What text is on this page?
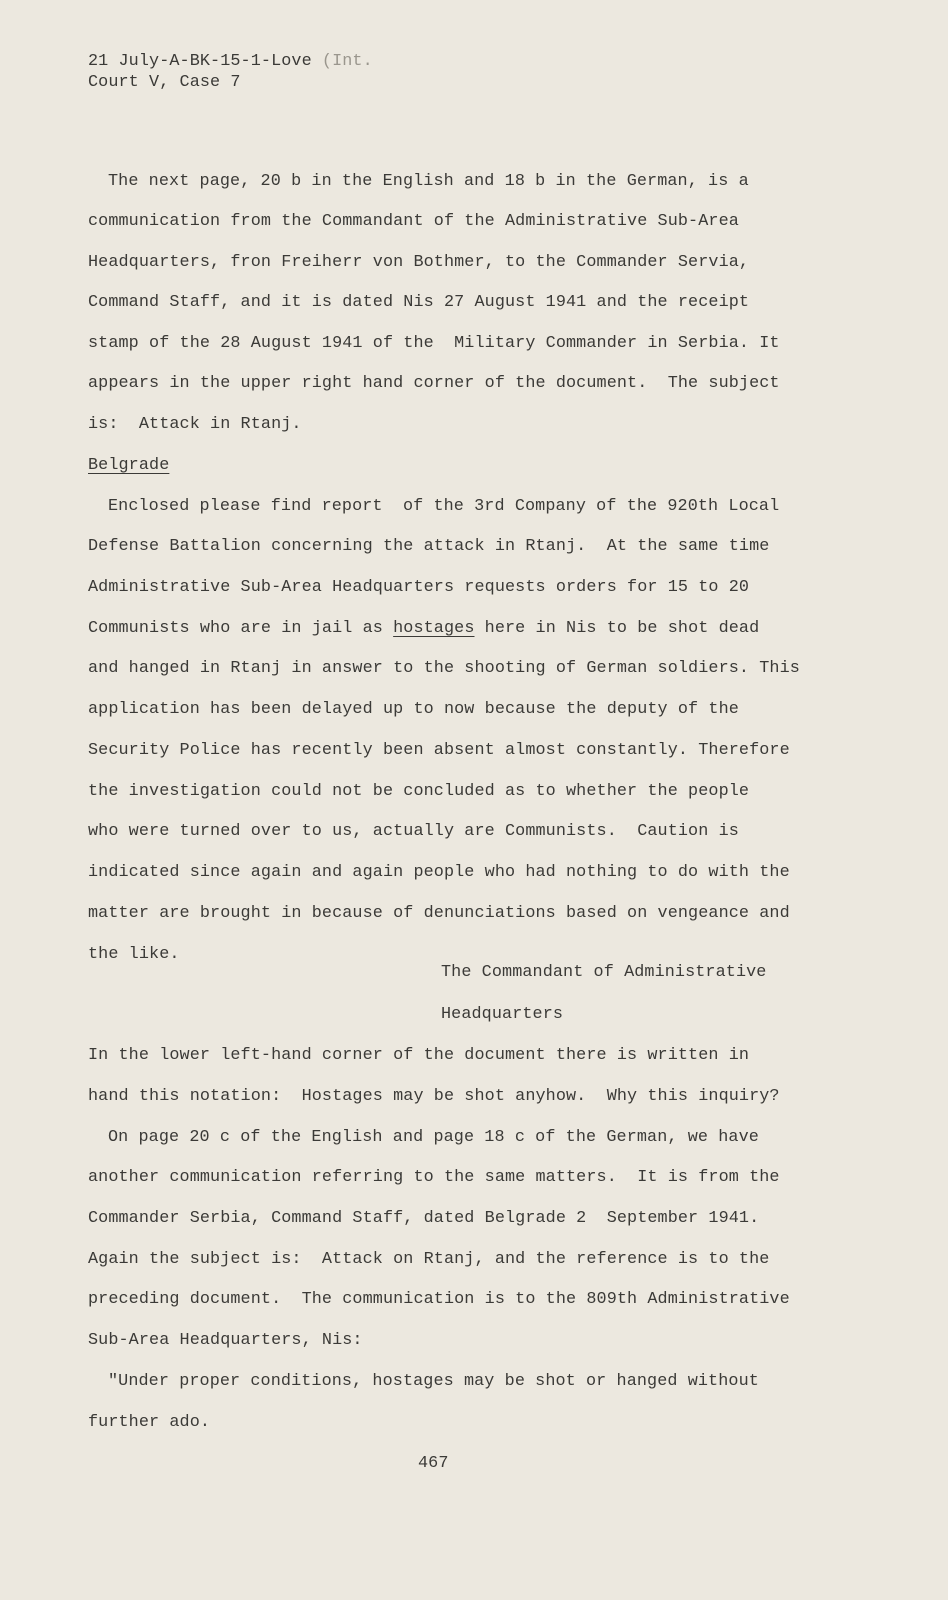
21 July-A-BK-15-1-Love (Int.
Court V, Case 7
The next page, 20 b in the English and 18 b in the German, is a
communication from the Commandant of the Administrative Sub-Area
Headquarters, fron Freiherr von Bothmer, to the Commander Servia,
Command Staff, and it is dated Nis 27 August 1941 and the receipt
stamp of the 28 August 1941 of the  Military Commander in Serbia. It
appears in the upper right hand corner of the document.  The subject
is:  Attack in Rtanj.
Belgrade
Enclosed please find report  of the 3rd Company of the 920th Local
Defense Battalion concerning the attack in Rtanj.  At the same time
Administrative Sub-Area Headquarters requests orders for 15 to 20
Communists who are in jail as hostages here in Nis to be shot dead
and hanged in Rtanj in answer to the shooting of German soldiers. This
application has been delayed up to now because the deputy of the
Security Police has recently been absent almost constantly. Therefore
the investigation could not be concluded as to whether the people
who were turned over to us, actually are Communists.  Caution is
indicated since again and again people who had nothing to do with the
matter are brought in because of denunciations based on vengeance and
the like.
The Commandant of Administrative
Headquarters
In the lower left-hand corner of the document there is written in
hand this notation:  Hostages may be shot anyhow.  Why this inquiry?
On page 20 c of the English and page 18 c of the German, we have
another communication referring to the same matters.  It is from the
Commander Serbia, Command Staff, dated Belgrade 2  September 1941.
Again the subject is:  Attack on Rtanj, and the reference is to the
preceding document.  The communication is to the 809th Administrative
Sub-Area Headquarters, Nis:
"Under proper conditions, hostages may be shot or hanged without
further ado.
467
